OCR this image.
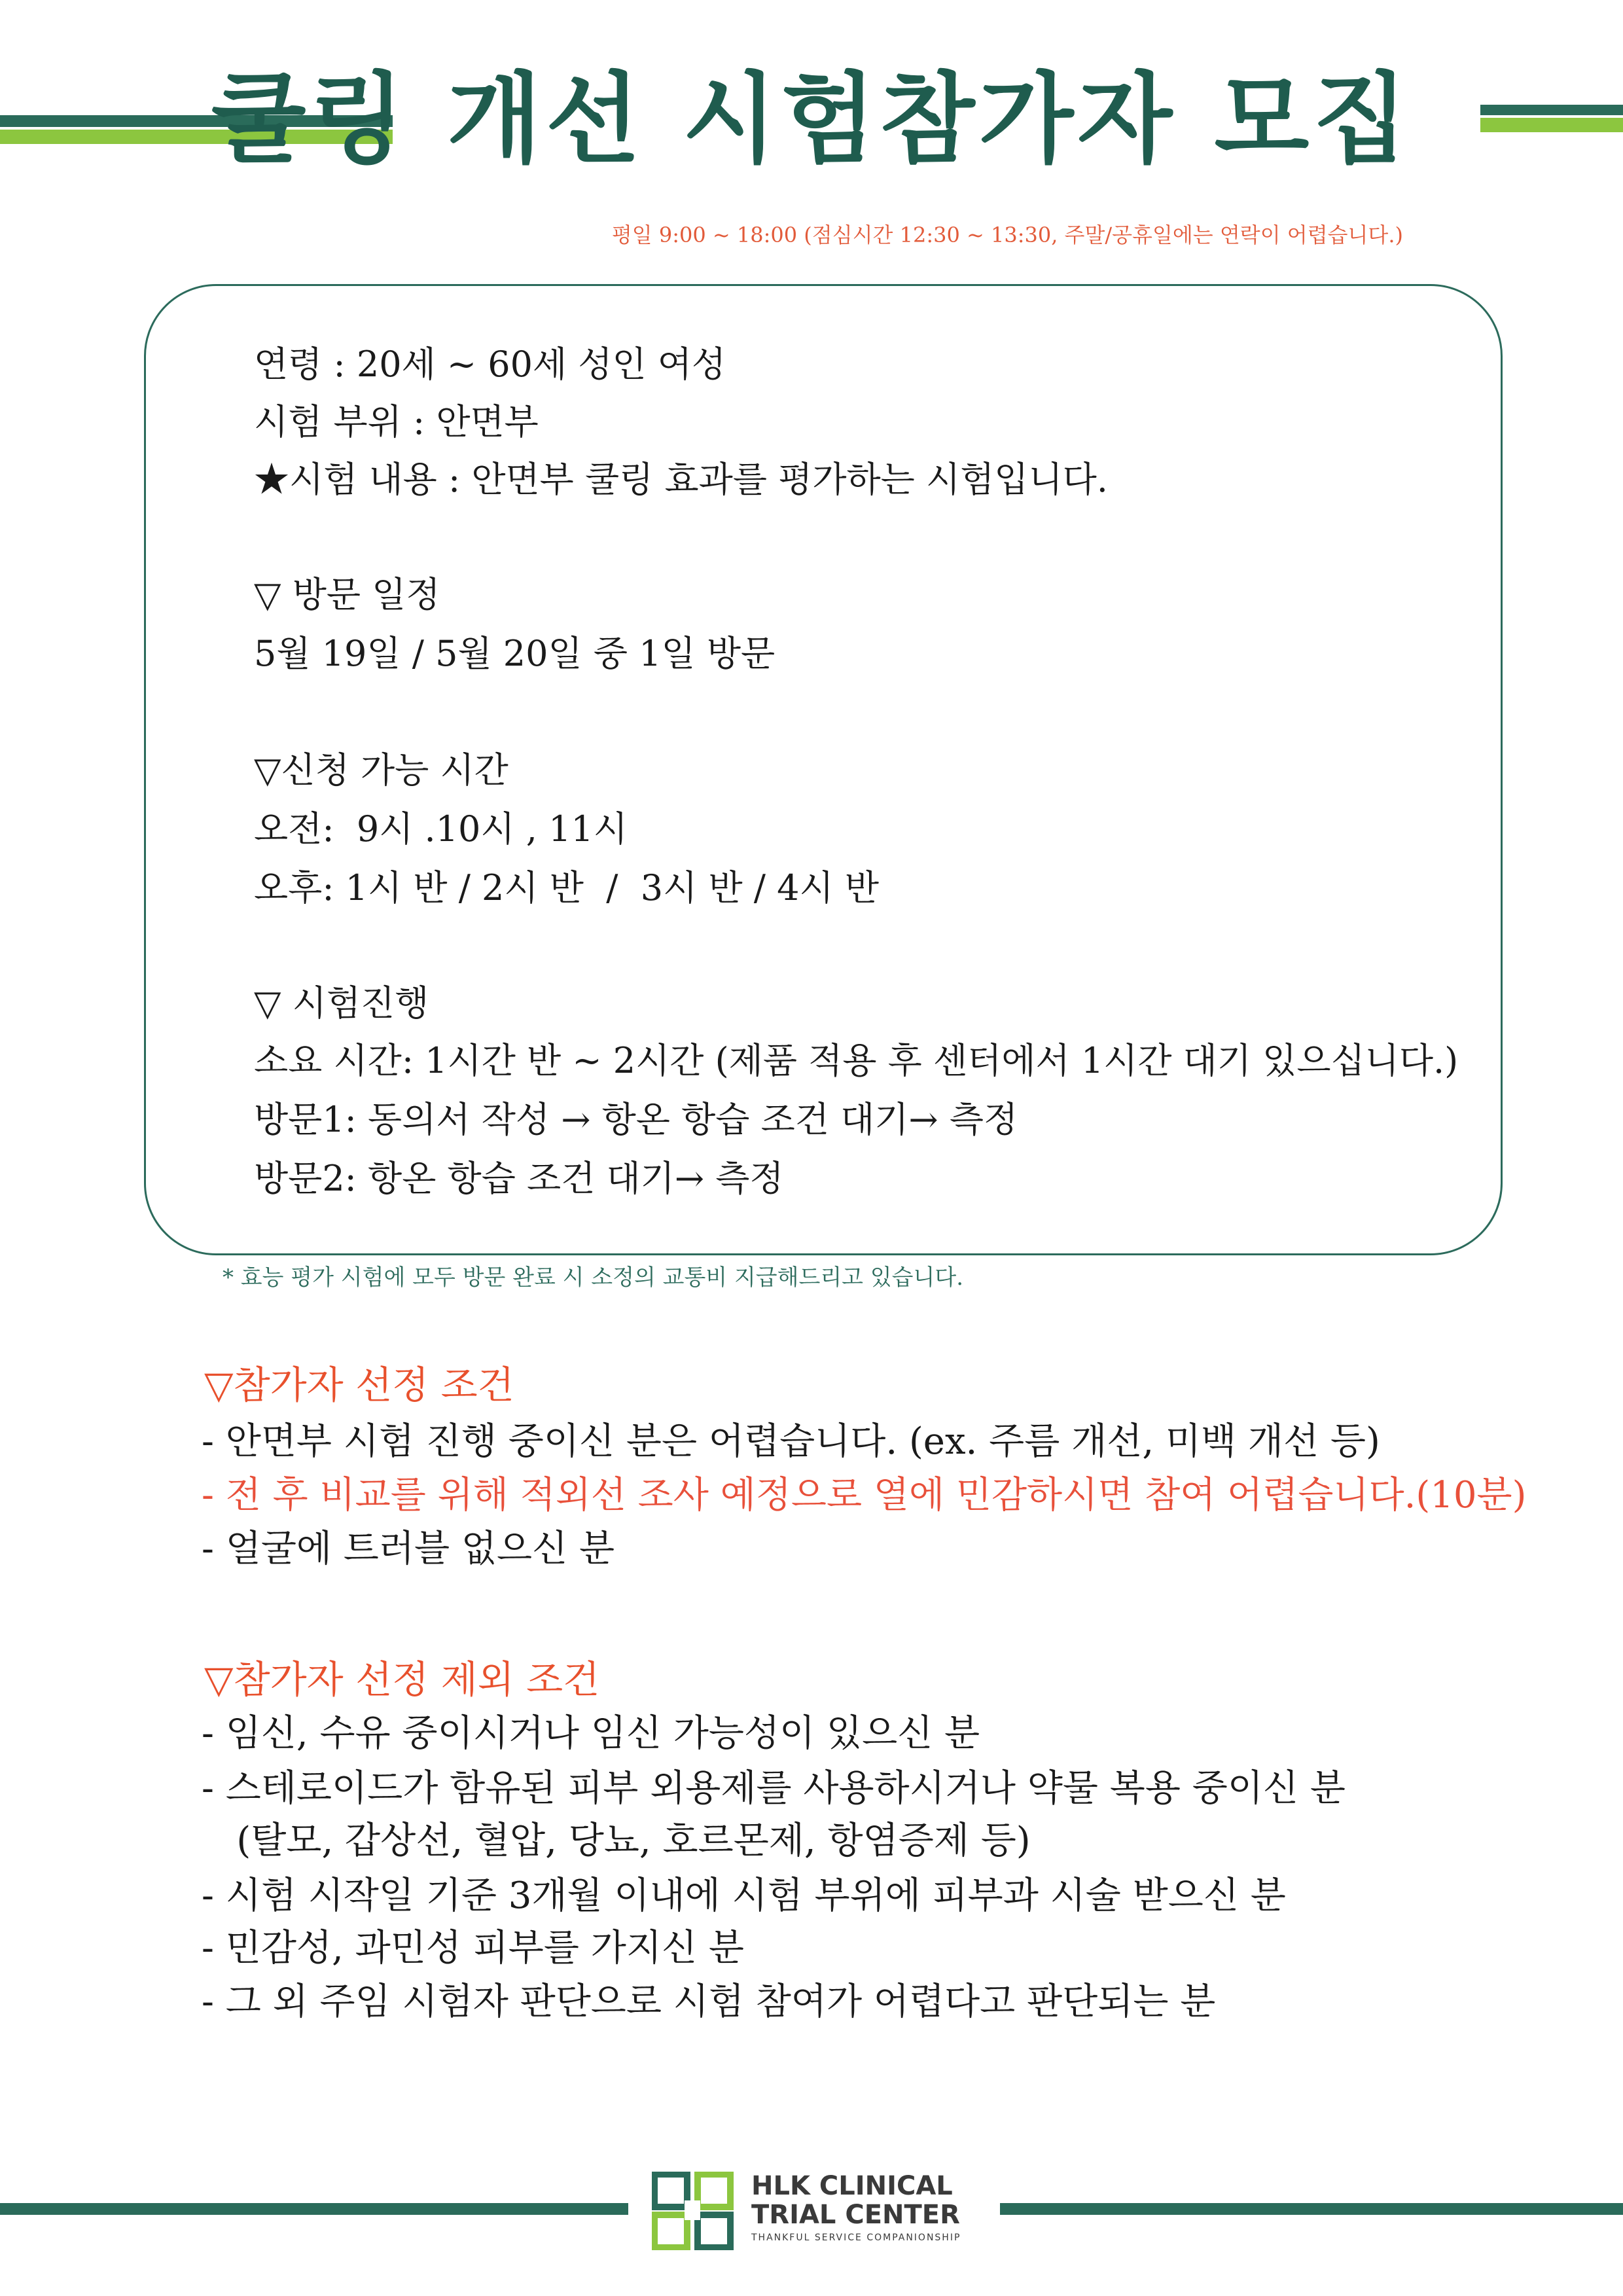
쿨링 개선 시험참가자 모집
평일 9:00 ~ 18:00 (점심시간 12:30 ~ 13:30, 주말/공휴일에는 연락이 어렵습니다.)
연령 : 20세 ~ 60세 성인 여성
시험 부위 : 안면부
★시험 내용 : 안면부 쿨링 효과를 평가하는 시험입니다.
▽ 방문 일정
5월 19일 / 5월 20일 중 1일 방문
▽신청 가능 시간
오전:  9시 .10시 , 11시
오후: 1시 반 / 2시 반  /  3시 반 / 4시 반
▽ 시험진행
소요 시간: 1시간 반 ~ 2시간 (제품 적용 후 센터에서 1시간 대기 있으십니다.)
방문1: 동의서 작성 → 항온 항습 조건 대기→ 측정
방문2: 항온 항습 조건 대기→ 측정
* 효능 평가 시험에 모두 방문 완료 시 소정의 교통비 지급해드리고 있습니다.
▽참가자 선정 조건
- 안면부 시험 진행 중이신 분은 어렵습니다. (ex. 주름 개선, 미백 개선 등)
- 전 후 비교를 위해 적외선 조사 예정으로 열에 민감하시면 참여 어렵습니다.(10분)
- 얼굴에 트러블 없으신 분
▽참가자 선정 제외 조건
- 임신, 수유 중이시거나 임신 가능성이 있으신 분
- 스테로이드가 함유된 피부 외용제를 사용하시거나 약물 복용 중이신 분
(탈모, 갑상선, 혈압, 당뇨, 호르몬제, 항염증제 등)
- 시험 시작일 기준 3개월 이내에 시험 부위에 피부과 시술 받으신 분
- 민감성, 과민성 피부를 가지신 분
- 그 외 주임 시험자 판단으로 시험 참여가 어렵다고 판단되는 분
HLK CLINICAL
TRIAL CENTER
THANKFUL SERVICE COMPANIONSHIP
